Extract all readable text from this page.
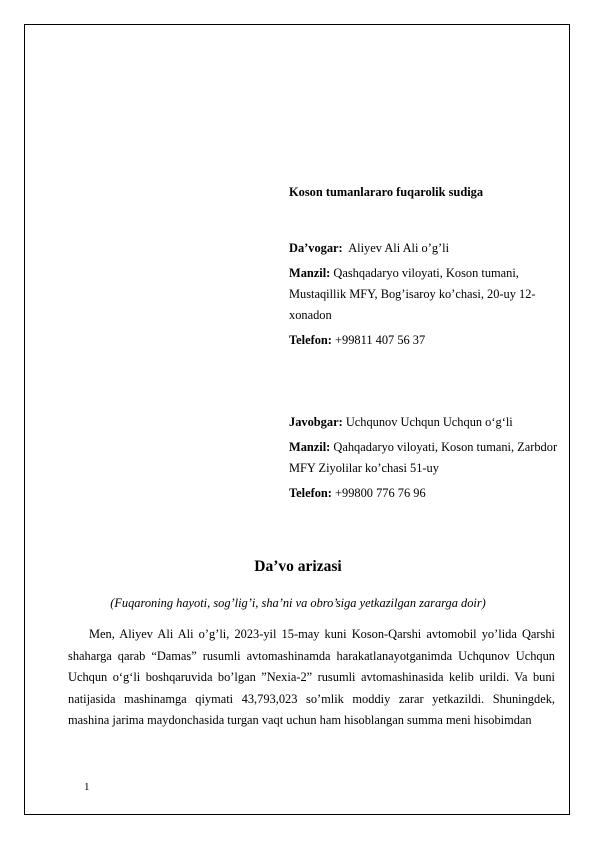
Koson tumanlararo fuqarolik sudiga

Da’vogar: Aliyev Ali Ali o’g’li

Manzil: Qashqadaryo viloyati, Koson tumani, Mustaqillik MFY, Bog’isaroy ko’chasi, 20-uy 12-xonadon

Telefon: +99811 407 56 37

Javobgar: Uchqunov Uchqun Uchqun o‘g‘li

Manzil: Qahqadaryo viloyati, Koson tumani, Zarbdor MFY Ziyolilar ko’chasi 51-uy

Telefon: +99800 776 76 96

Da’vo arizasi
(Fuqaroning hayoti, sog’lig’i, sha’ni va obro’siga yetkazilgan zararga doir)

Men, Aliyev Ali Ali o’g’li, 2023-yil 15-may kuni Koson-Qarshi avtomobil yo’lida Qarshi shaharga qarab “Damas” rusumli avtomashinamda harakatlanayotganimda Uchqunov Uchqun Uchqun o‘g‘li boshqaruvida bo’lgan ”Nexia-2” rusumli avtomashinasida kelib urildi. Va buni natijasida mashinamga qiymati 43,793,023 so’mlik moddiy zarar yetkazildi. Shuningdek, mashina jarima maydonchasida turgan vaqt uchun ham hisoblangan summa meni hisobimdan

1
